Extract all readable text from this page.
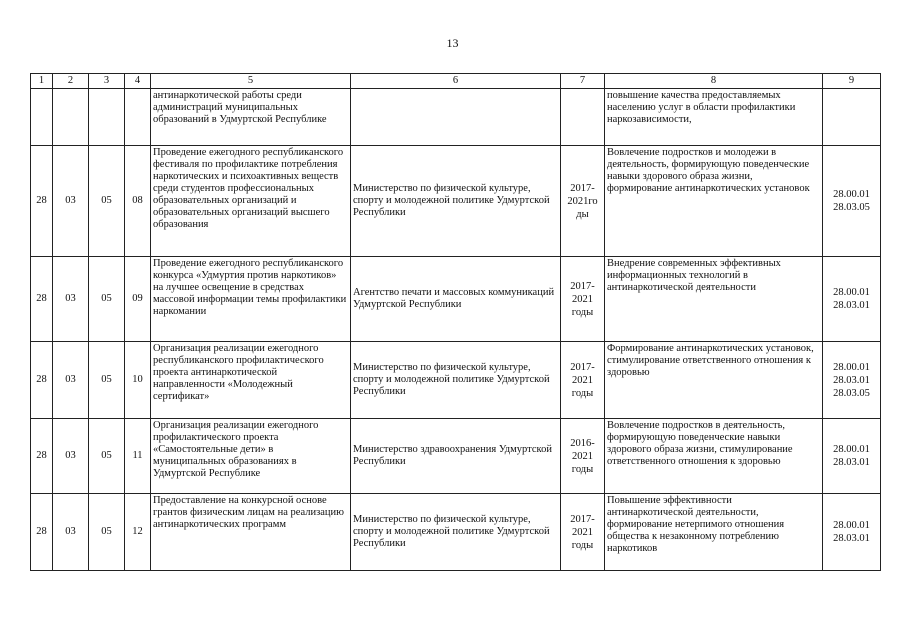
13
1	2	3	4	5	6	7	8	9
				антинаркотической работы среди администраций муниципальных образований в Удмуртской Республике			повышение качества предоставляемых населению услуг в области профилактики наркозависимости,	
28	03	05	08	Проведение ежегодного республиканского фестиваля по профилактике потребления наркотических и психоактивных веществ среди студентов профессиональных образовательных организаций и образовательных организаций высшего образования	Министерство по физической культуре, спорту и молодежной политике Удмуртской Республики	2017-2021го ды	Вовлечение подростков и молодежи в деятельность, формирующую поведенческие навыки здорового образа жизни, формирование антинаркотических установок	28.00.01
28.03.05

28	03	05	09	Проведение ежегодного республиканского конкурса «Удмуртия против наркотиков» на лучшее освещение в средствах массовой информации темы профилактики наркомании	Агентство печати и массовых коммуникаций Удмуртской Республики	2017-2021 годы	Внедрение современных эффективных информационных технологий в антинаркотической деятельности	28.00.01
28.03.01

28	03	05	10	Организация реализации ежегодного республиканского профилактического проекта антинаркотической направленности «Молодежный сертификат»	Министерство по физической культуре, спорту и молодежной политике Удмуртской Республики	2017-2021 годы	Формирование антинаркотических установок, стимулирование ответственного отношения к здоровью	28.00.01
28.03.01
28.03.05

28	03	05	11	Организация реализации ежегодного профилактического проекта «Самостоятельные дети» в муниципальных образованиях в Удмуртской Республике	Министерство здравоохранения Удмуртской Республики	2016-2021 годы	Вовлечение подростков в деятельность, формирующую поведенческие навыки здорового образа жизни, стимулирование ответственного отношения к здоровью	28.00.01
28.03.01

28	03	05	12	Предоставление на конкурсной основе грантов физическим лицам на реализацию антинаркотических программ	Министерство по физической культуре, спорту и молодежной политике Удмуртской Республики	2017-2021 годы	Повышение эффективности антинаркотической деятельности, формирование нетерпимого отношения общества к незаконному потреблению наркотиков	28.00.01
28.03.01
